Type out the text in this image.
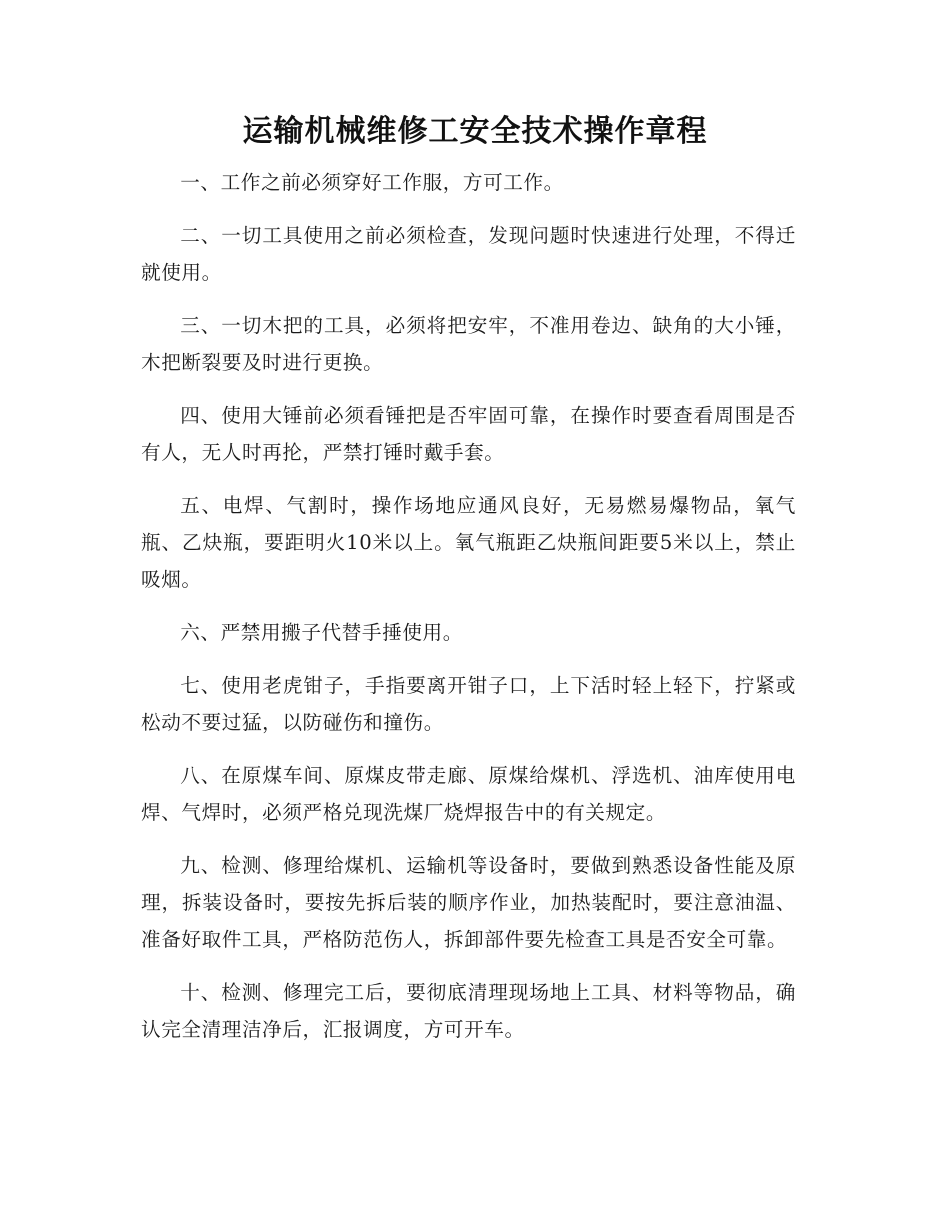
运输机械维修工安全技术操作章程

一、工作之前必须穿好工作服，方可工作。

二、一切工具使用之前必须检查，发现问题时快速进行处理，不得迁就使用。

三、一切木把的工具，必须将把安牢，不准用卷边、缺角的大小锤，木把断裂要及时进行更换。

四、使用大锤前必须看锤把是否牢固可靠，在操作时要查看周围是否有人，无人时再抡，严禁打锤时戴手套。

五、电焊、气割时，操作场地应通风良好，无易燃易爆物品，氧气瓶、乙炔瓶，要距明火10米以上。氧气瓶距乙炔瓶间距要5米以上，禁止吸烟。

六、严禁用搬子代替手捶使用。

七、使用老虎钳子，手指要离开钳子口，上下活时轻上轻下，拧紧或松动不要过猛，以防碰伤和撞伤。

八、在原煤车间、原煤皮带走廊、原煤给煤机、浮选机、油库使用电焊、气焊时，必须严格兑现洗煤厂烧焊报告中的有关规定。

九、检测、修理给煤机、运输机等设备时，要做到熟悉设备性能及原理，拆装设备时，要按先拆后装的顺序作业，加热装配时，要注意油温、准备好取件工具，严格防范伤人，拆卸部件要先检查工具是否安全可靠。

十、检测、修理完工后，要彻底清理现场地上工具、材料等物品，确认完全清理洁净后，汇报调度，方可开车。
